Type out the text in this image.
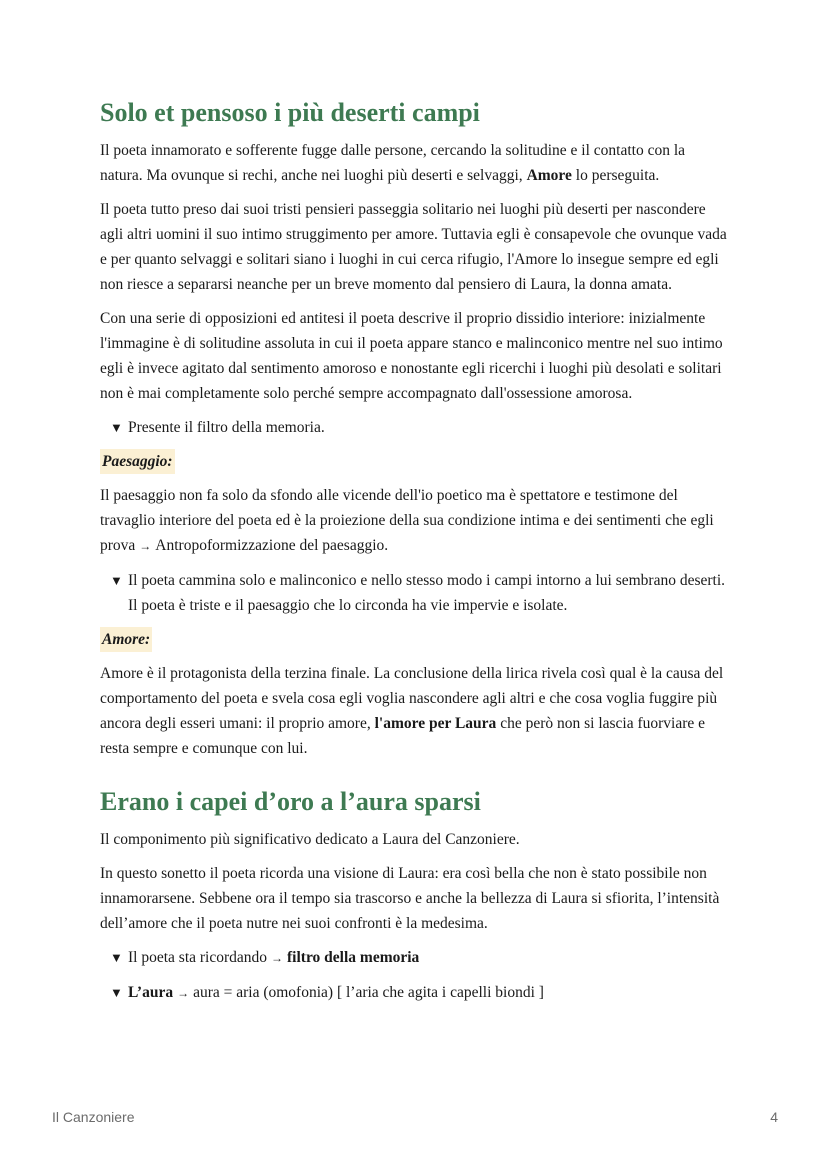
Solo et pensoso i più deserti campi

Il poeta innamorato e sofferente fugge dalle persone, cercando la solitudine e il contatto con la natura. Ma ovunque si rechi, anche nei luoghi più deserti e selvaggi, Amore lo perseguita.

Il poeta tutto preso dai suoi tristi pensieri passeggia solitario nei luoghi più deserti per nascondere agli altri uomini il suo intimo struggimento per amore. Tuttavia egli è consapevole che ovunque vada e per quanto selvaggi e solitari siano i luoghi in cui cerca rifugio, l'Amore lo insegue sempre ed egli non riesce a separarsi neanche per un breve momento dal pensiero di Laura, la donna amata.

Con una serie di opposizioni ed antitesi il poeta descrive il proprio dissidio interiore: inizialmente l'immagine è di solitudine assoluta in cui il poeta appare stanco e malinconico mentre nel suo intimo egli è invece agitato dal sentimento amoroso e nonostante egli ricerchi i luoghi più desolati e solitari non è mai completamente solo perché sempre accompagnato dall'ossessione amorosa.

▼ Presente il filtro della memoria.
Paesaggio:

Il paesaggio non fa solo da sfondo alle vicende dell'io poetico ma è spettatore e testimone del travaglio interiore del poeta ed è la proiezione della sua condizione intima e dei sentimenti che egli prova → Antropoformizzazione del paesaggio.

▼ Il poeta cammina solo e malinconico e nello stesso modo i campi intorno a lui sembrano deserti. Il poeta è triste e il paesaggio che lo circonda ha vie impervie e isolate.
Amore:

Amore è il protagonista della terzina finale. La conclusione della lirica rivela così qual è la causa del comportamento del poeta e svela cosa egli voglia nascondere agli altri e che cosa voglia fuggire più ancora degli esseri umani: il proprio amore, l'amore per Laura che però non si lascia fuorviare e resta sempre e comunque con lui.

Erano i capei d’oro a l’aura sparsi

Il componimento più significativo dedicato a Laura del Canzoniere.

In questo sonetto il poeta ricorda una visione di Laura: era così bella che non è stato possibile non innamorarsene. Sebbene ora il tempo sia trascorso e anche la bellezza di Laura si sfiorita, l’intensità dell’amore che il poeta nutre nei suoi confronti è la medesima.

▼ Il poeta sta ricordando → filtro della memoria
▼ L’aura → aura = aria (omofonia) [ l’aria che agita i capelli biondi ]
Il Canzoniere	4
